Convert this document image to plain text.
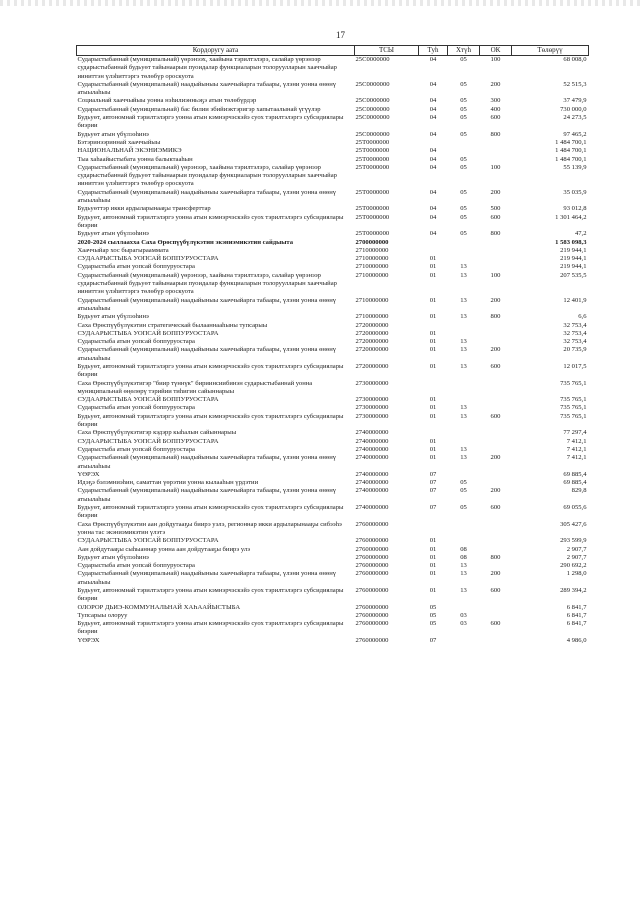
17
Кордоругу аата	ТСЫ	Туһ	Хтүһ	ОК	Төлөрүү
Сударыстыбаннай (муниципальнай) үөрэнээх, хаайына тэрилтэлэрэ, салайар үөрэнээр сударыстыбаннай будьуөт тайынаарыи пуоидалар функциаларын толоруулларын хааччыйар ииниттэн үлэһиттэргэ төлөбүр ороскуота	25С0000000	04	05	100	68 008,0
Сударыстыбаннай (муниципальнай) наадыйыныы хааччыйарга табаары, үлэни уонна өнөнү атыылаһыы	25С0000000	04	05	200	52 515,3
Социальнай хааччыйыы уонна нэһилиэнньэҕэ атын төлөбүрдэр	25С0000000	04	05	300	37 479,9
Сударыстыбаннай (муниципальнай) бас билии эбийиэктэригэр хапытаалынай үгүүлэр	25С0000000	04	05	400	730 000,0
Будьуөт, автономнай тэрилтэлэргэ уонна атын кэмнэрчэскэйэ суох тэрилтэлэргэ субсидиялары биэрии	25С0000000	04	05	600	24 273,5
Будьуөт атын үбүлээһинэ	25С0000000	04	05	800	97 465,2
Бэтэринээриннай хааччыйыы	25Т0000000				1 484 700,1
НАЦИОНАЛЬНАЙ ЭКЭНИЭМИКЭ	25Т0000000	04			1 484 700,1
Тыа хаһаайыстыбата уонна балыктааһын	25Т0000000	04	05		1 484 700,1
Сударыстыбаннай (муниципальнай) үөрэнээр, хаайына тэрилтэлэрэ, салайар үөрэнээр сударыстыбаннай будьуөт тайынаарыи пуоидалар функциаларын толоруулларын хааччыйар ииниттэн үлэһиттэргэ төлөбүр ороскуота	25Т0000000	04	05	100	55 139,9
Сударыстыбаннай (муниципальнай) наадыйыныы хааччыйарга табаары, үлэни уонна өнөнү атыылаһыы	25Т0000000	04	05	200	35 035,9
Будьуөттэр икки ардыларынааҕы трансферттар	25Т0000000	04	05	500	93 012,8
Будьуөт, автономнай тэрилтэлэргэ уонна атын кэмнэрчэскэйэ суох тэрилтэлэргэ субсидиялары биэрии	25Т0000000	04	05	600	1 301 464,2
Будьуөт атын үбүлээһинэ	25Т0000000	04	05	800	47,2
2020-2024 сыллаахха Саха Өрөспүүбүлүкэтин экэниэмикэтин сайдыыта	2700000000				1 583 098,3
Хааччыйар хос бырагырааммата	2710000000				219 944,1
СУДААРЫСТЫБА УОПСАЙ БОППУРУОСТАРА	2710000000	01			219 944,1
Сударыстыба атын уопсай боппуруостара	2710000000	01	13		219 944,1
Сударыстыбаннай (муниципальнай) үөрэнээр, хаайына тэрилтэлэрэ, салайар үөрэнээр сударыстыбаннай будьуөт тайынаарыи пуоидалар функциаларын толоруулларын хааччыйар ииниттэн үлэһиттэргэ төлөбүр ороскуота	2710000000	01	13	100	207 535,5
Сударыстыбаннай (муниципальнай) наадыйыныы хааччыйарга табаары, үлэни уонна өнөнү атыылаһыы	2710000000	01	13	200	12 401,9
Будьуөт атын үбүлээһинэ	2710000000	01	13	800	6,6
Саха Өрөспүүбүлүкэтин стратегическай былааннааһыны тупсарыы	2720000000				32 753,4
СУДААРЫСТЫБА УОПСАЙ БОППУРУОСТАРА	2720000000	01			32 753,4
Сударыстыба атын уопсай боппуруостара	2720000000	01	13		32 753,4
Сударыстыбаннай (муниципальнай) наадыйыныы хааччыйарга табаары, үлэни уонна өнөнү атыылаһыы	2720000000	01	13	200	20 735,9
Будьуөт, автономнай тэрилтэлэргэ уонна атын кэмнэрчэскэйэ суох тэрилтэлэргэ субсидиялары биэрии	2720000000	01	13	600	12 017,5
Саха Өрөспүүбүлүкэтигэр "биир түннүк" бириинсиибинэн сударыстыбаннай уонна муниципальнай өңөлөрү тэрийии тиһигин сайыннарыы	2730000000				735 765,1
СУДААРЫСТЫБА УОПСАЙ БОППУРУОСТАРА	2730000000	01			735 765,1
Сударыстыба атын уопсай боппуруостара	2730000000	01	13		735 765,1
Будьуөт, автономнай тэрилтэлэргэ уонна атын кэмнэрчэскэйэ суох тэрилтэлэргэ субсидиялары биэрии	2730000000	01	13	600	735 765,1
Саха Өрөспүүбүлүкэтигэр кэдэрр кыһалын сайыннарыы	2740000000				77 297,4
СУДААРЫСТЫБА УОПСАЙ БОППУРУОСТАРА	2740000000	01			7 412,1
Сударыстыба атын уопсай боппуруостара	2740000000	01	13		7 412,1
Сударыстыбаннай (муниципальнай) наадыйыныы хааччыйарга табаары, үлэни уонна өнөнү атыылаһыы	2740000000	01	13	200	7 412,1
ҮӨРЭХ	2740000000	07			69 885,4
Идэҕэ бэлэмниэһин, саматтан үөрэтии уонна кылааһын үрдэтии	2740000000	07	05		69 885,4
Сударыстыбаннай (муниципальнай) наадыйыныы хааччыйарга табаары, үлэни уонна өнөнү атыылаһыы	2740000000	07	05	200	829,8
Будьуөт, автономнай тэрилтэлэргэ уонна атын кэмнэрчэскэйэ суох тэрилтэлэргэ субсидиялары биэрии	2740000000	07	05	600	69 055,6
Саха Өрөспүүбүлүкэтин аан дойдутааҕы биирэ уэлэ, регионнар икки ардыларынааҕы сибээһэ уонна тас экэниэмикэтин үлэтэ	2760000000				305 427,6
СУДААРЫСТЫБА УОПСАЙ БОППУРУОСТАРА	2760000000	01			293 599,9
Аан дойдутааҕы сыһыаннар уонна аан дойдутааҕы биирэ улэ	2760000000	01	08		2 907,7
Будьуөт атын үбүлээһинэ	2760000000	01	08	800	2 907,7
Сударыстыба атын уопсай боппуруостара	2760000000	01	13		290 692,2
Сударыстыбаннай (муниципальнай) наадыйыныы хааччыйарга табаары, үлэни уонна өнөнү атыылаһыы	2760000000	01	13	200	1 298,0
Будьуөт, автономнай тэрилтэлэргэ уонна атын кэмнэрчэскэйэ суох тэрилтэлэргэ субсидиялары биэрии	2760000000	01	13	600	289 394,2
ОЛОРОР ДЬИЭ-КОММУНАЛЬНАЙ ХАҺААЙЫСТЫБА	2760000000	05			6 841,7
Тупсарыы олоруу	2760000000	05	03		6 841,7
Будьуөт, автономнай тэрилтэлэргэ уонна атын кэмнэрчэскэйэ суох тэрилтэлэргэ субсидиялары биэрии	2760000000	05	03	600	6 841,7
ҮӨРЭХ	2760000000	07			4 986,0
